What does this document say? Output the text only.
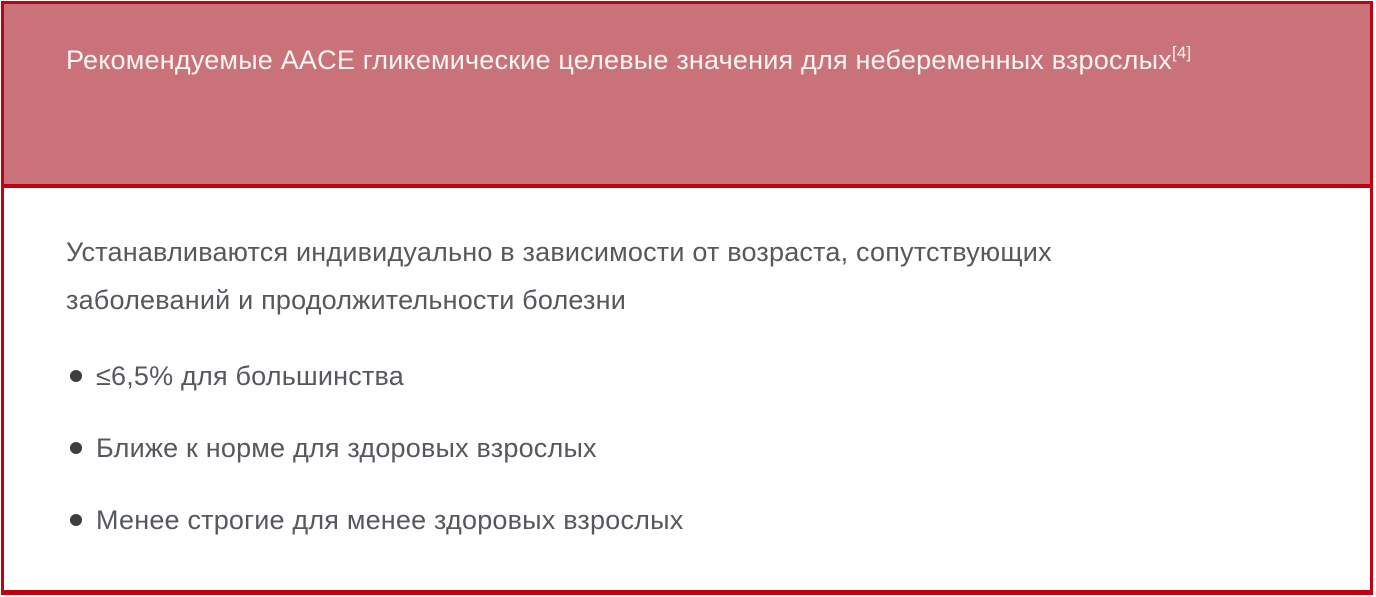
Рекомендуемые AACE гликемические целевые значения для небеременных взрослых[4]

Устанавливаются индивидуально в зависимости от возраста, сопутствующих заболеваний и продолжительности болезни

≤6,5% для большинства
Ближе к норме для здоровых взрослых
Менее строгие для менее здоровых взрослых
